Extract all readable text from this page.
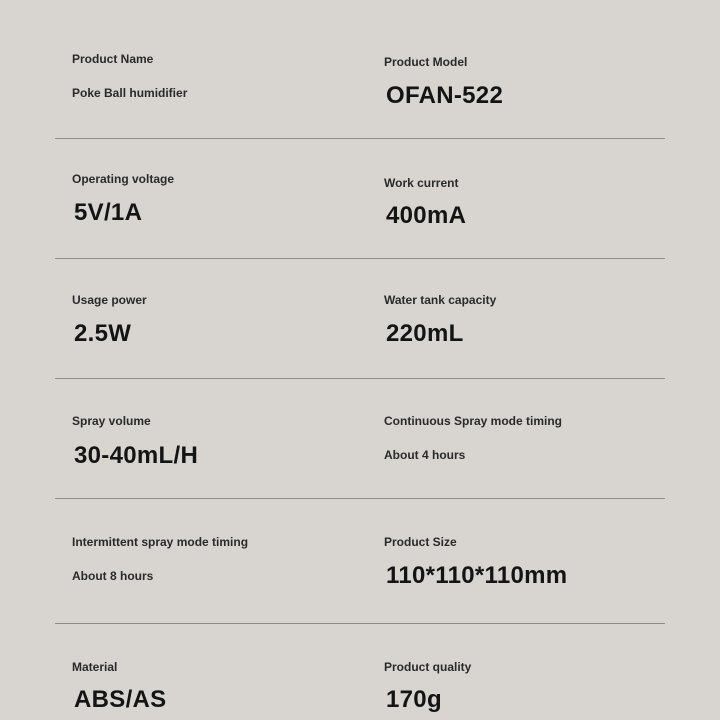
Product Name
Poke Ball humidifier
Product Model
OFAN-522
Operating voltage
5V/1A
Work current
400mA
Usage power
2.5W
Water tank capacity
220mL
Spray volume
30-40mL/H
Continuous Spray mode timing
About 4 hours
Intermittent spray mode timing
About 8 hours
Product Size
110*110*110mm
Material
ABS/AS
Product quality
170g
